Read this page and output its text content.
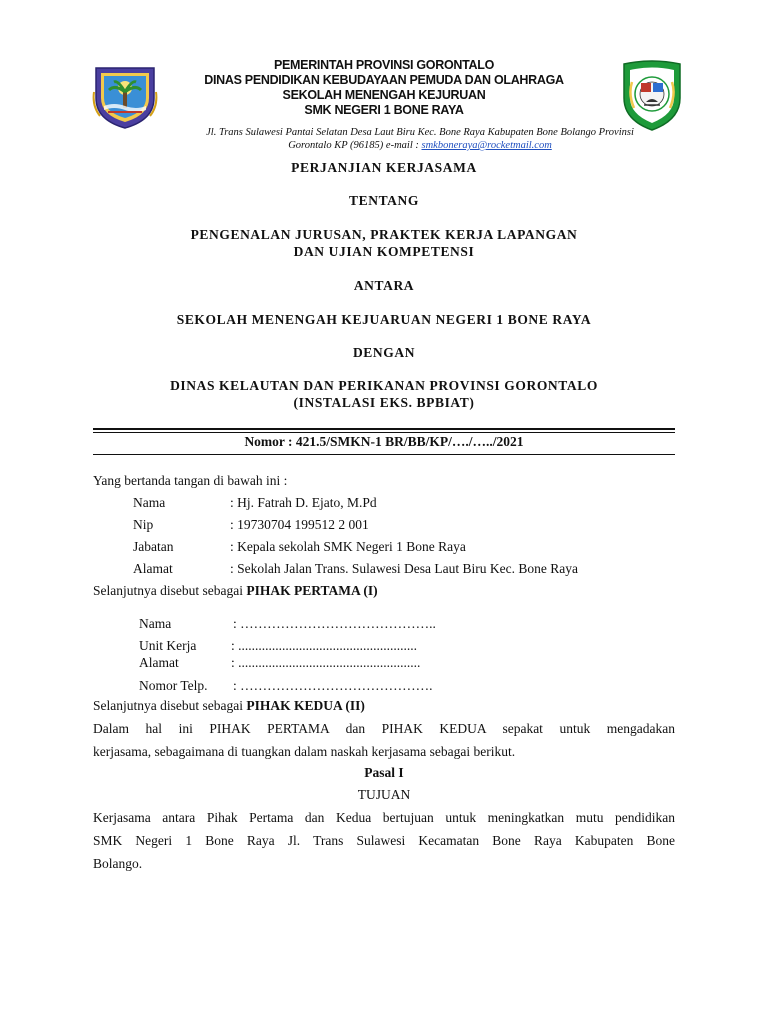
PEMERINTAH PROVINSI GORONTALO
DINAS PENDIDIKAN KEBUDAYAAN PEMUDA DAN OLAHRAGA
SEKOLAH MENENGAH KEJURUAN
SMK NEGERI 1 BONE RAYA
Jl. Trans Sulawesi Pantai Selatan Desa Laut Biru Kec. Bone Raya Kabupaten Bone Bolango Provinsi
Gorontalo KP (96185) e-mail : smkboneraya@rocketmail.com
PERJANJIAN KERJASAMA
TENTANG
PENGENALAN JURUSAN, PRAKTEK KERJA LAPANGAN
DAN UJIAN KOMPETENSI
ANTARA
SEKOLAH MENENGAH KEJUARUAN NEGERI 1 BONE RAYA
DENGAN
DINAS KELAUTAN DAN PERIKANAN PROVINSI GORONTALO
(INSTALASI EKS. BPBIAT)
Nomor : 421.5/SMKN-1 BR/BB/KP/…./…../2021
Yang bertanda tangan di bawah ini :
Nama	: Hj. Fatrah D. Ejato, M.Pd
Nip	: 19730704 199512 2 001
Jabatan	: Kepala sekolah SMK Negeri 1 Bone Raya
Alamat	: Sekolah Jalan Trans. Sulawesi Desa Laut Biru Kec. Bone Raya
Selanjutnya disebut sebagai PIHAK PERTAMA (I)
Nama	: ……………………………………..
Unit Kerja	: .....................................................
Alamat	: ......................................................
Nomor Telp. : …………………………………….
Selanjutnya disebut sebagai PIHAK KEDUA (II)
Dalam hal ini PIHAK PERTAMA dan PIHAK KEDUA sepakat untuk mengadakan
kerjasama, sebagaimana di tuangkan dalam naskah kerjasama sebagai berikut.
Pasal I
TUJUAN
Kerjasama antara Pihak Pertama dan Kedua bertujuan untuk meningkatkan mutu pendidikan
SMK Negeri 1 Bone Raya Jl. Trans Sulawesi Kecamatan Bone Raya Kabupaten Bone
Bolango.
